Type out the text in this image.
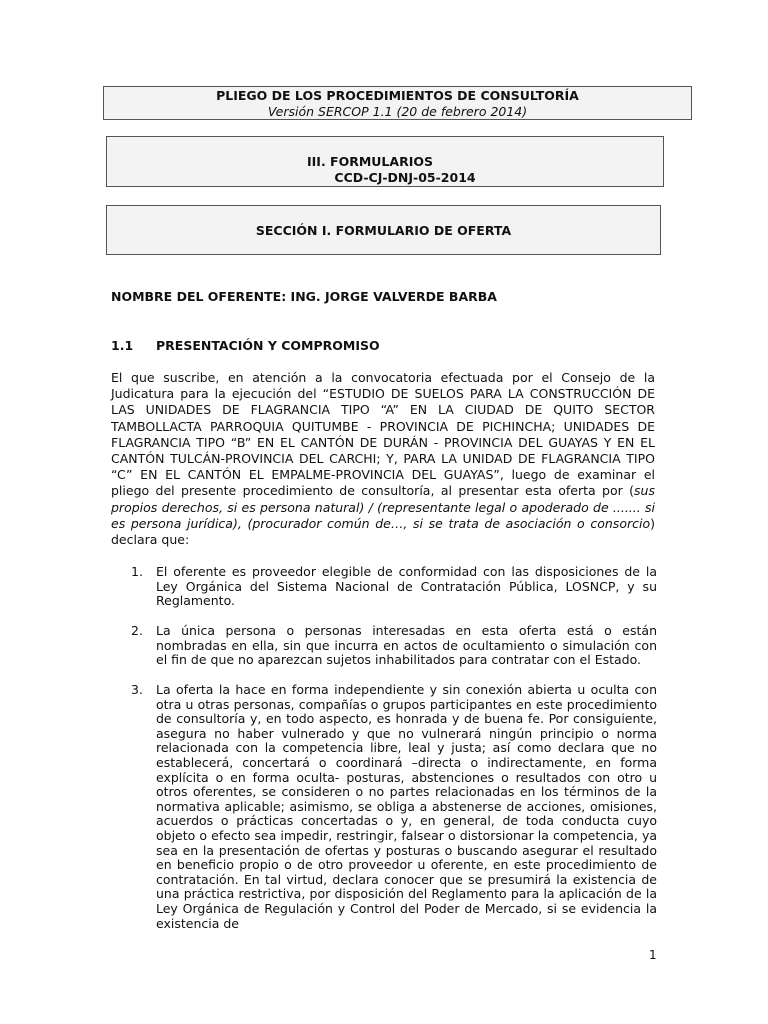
PLIEGO DE LOS PROCEDIMIENTOS DE CONSULTORÍA
Versión SERCOP 1.1 (20 de febrero 2014)
III. FORMULARIOS
CCD-CJ-DNJ-05-2014
SECCIÓN I. FORMULARIO DE OFERTA
NOMBRE DEL OFERENTE: ING. JORGE VALVERDE BARBA
1.1 PRESENTACIÓN Y COMPROMISO
El que suscribe, en atención a la convocatoria efectuada por el Consejo de la Judicatura para la ejecución del “ESTUDIO DE SUELOS PARA LA CONSTRUCCIÓN DE LAS UNIDADES DE FLAGRANCIA TIPO “A” EN LA CIUDAD DE QUITO SECTOR TAMBOLLACTA PARROQUIA QUITUMBE - PROVINCIA DE PICHINCHA; UNIDADES DE FLAGRANCIA TIPO “B” EN EL CANTÓN DE DURÁN - PROVINCIA DEL GUAYAS Y EN EL CANTÓN TULCÁN-PROVINCIA DEL CARCHI; Y, PARA LA UNIDAD DE FLAGRANCIA TIPO “C” EN EL CANTÓN EL EMPALME-PROVINCIA DEL GUAYAS”, luego de examinar el pliego del presente procedimiento de consultoría, al presentar esta oferta por (sus propios derechos, si es persona natural) / (representante legal o apoderado de ....... si es persona jurídica), (procurador común de…, si se trata de asociación o consorcio) declara que:
1.	El oferente es proveedor elegible de conformidad con las disposiciones de la Ley Orgánica del Sistema Nacional de Contratación Pública, LOSNCP, y su Reglamento.
2.	La única persona o personas interesadas en esta oferta está o están nombradas en ella, sin que incurra en actos de ocultamiento o simulación con el fin de que no aparezcan sujetos inhabilitados para contratar con el Estado.
3.	La oferta la hace en forma independiente y sin conexión abierta u oculta con otra u otras personas, compañías o grupos participantes en este procedimiento de consultoría y, en todo aspecto, es honrada y de buena fe. Por consiguiente, asegura no haber vulnerado y que no vulnerará ningún principio o norma relacionada con la competencia libre, leal y justa; así como declara que no establecerá, concertará o coordinará –directa o indirectamente, en forma explícita o en forma oculta- posturas, abstenciones o resultados con otro u otros oferentes, se consideren o no partes relacionadas en los términos de la normativa aplicable; asimismo, se obliga a abstenerse de acciones, omisiones, acuerdos o prácticas concertadas o y, en general, de toda conducta cuyo objeto o efecto sea impedir, restringir, falsear o distorsionar la competencia, ya sea en la presentación de ofertas y posturas o buscando asegurar el resultado en beneficio propio o de otro proveedor u oferente, en este procedimiento de contratación. En tal virtud, declara conocer que se presumirá la existencia de una práctica restrictiva, por disposición del Reglamento para la aplicación de la Ley Orgánica de Regulación y Control del Poder de Mercado, si se evidencia la existencia de
1
